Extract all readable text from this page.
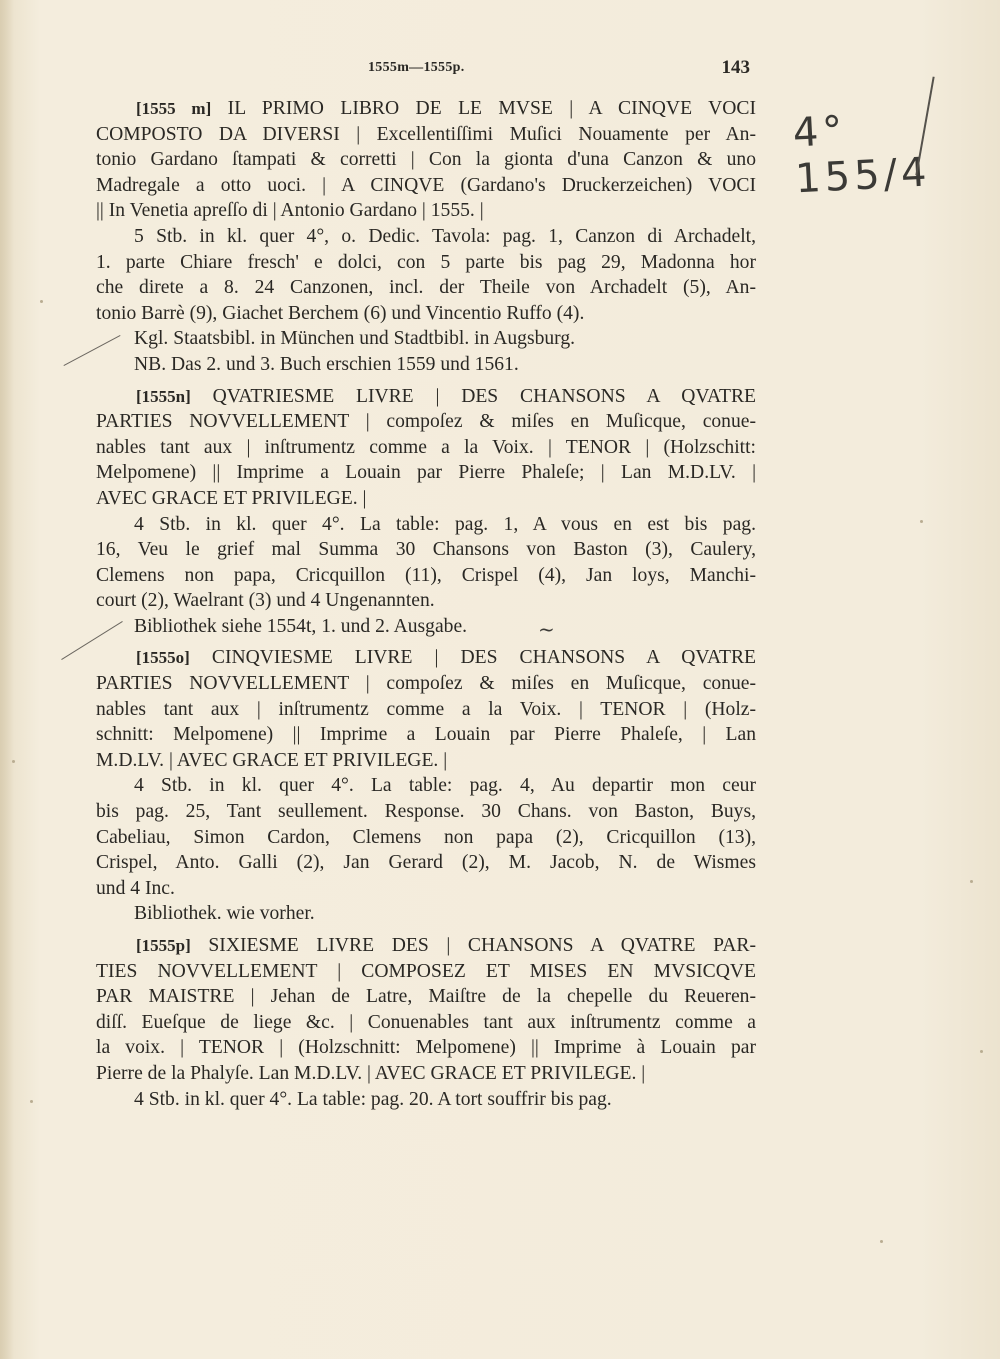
1555m—1555p.	143
4° 155/4
~
[1555 m] IL PRIMO LIBRO DE LE MVSE | A CINQVE VOCI
COMPOSTO DA DIVERSI | Excellentiſſimi Muſici Nouamente per An-
tonio Gardano ſtampati & corretti | Con la gionta d'una Canzon & uno
Madregale a otto uoci. | A CINQVE (Gardano's Druckerzeichen) VOCI
|| In Venetia apreſſo di | Antonio Gardano | 1555. |
5 Stb. in kl. quer 4°, o. Dedic. Tavola: pag. 1, Canzon di Archadelt,
1. parte Chiare fresch' e dolci, con 5 parte bis pag 29, Madonna hor
che direte a 8. 24 Canzonen, incl. der Theile von Archadelt (5), An-
tonio Barrè (9), Giachet Berchem (6) und Vincentio Ruffo (4).
Kgl. Staatsbibl. in München und Stadtbibl. in Augsburg.
NB. Das 2. und 3. Buch erschien 1559 und 1561.
[1555n] QVATRIESME LIVRE | DES CHANSONS A QVATRE
PARTIES NOVVELLEMENT | compoſez & miſes en Muſicque, conue-
nables tant aux | inſtrumentz comme a la Voix. | TENOR | (Holzschitt:
Melpomene) || Imprime a Louain par Pierre Phaleſe; | Lan M.D.LV. |
AVEC GRACE ET PRIVILEGE. |
4 Stb. in kl. quer 4°. La table: pag. 1, A vous en est bis pag.
16, Veu le grief mal Summa 30 Chansons von Baston (3), Caulery,
Clemens non papa, Cricquillon (11), Crispel (4), Jan loys, Manchi-
court (2), Waelrant (3) und 4 Ungenannten.
Bibliothek siehe 1554t, 1. und 2. Ausgabe.
[1555o] CINQVIESME LIVRE | DES CHANSONS A QVATRE
PARTIES NOVVELLEMENT | compoſez & miſes en Muſicque, conue-
nables tant aux | inſtrumentz comme a la Voix. | TENOR | (Holz-
schnitt: Melpomene) || Imprime a Louain par Pierre Phaleſe, | Lan
M.D.LV. | AVEC GRACE ET PRIVILEGE. |
4 Stb. in kl. quer 4°. La table: pag. 4, Au departir mon ceur
bis pag. 25, Tant seullement. Response. 30 Chans. von Baston, Buys,
Cabeliau, Simon Cardon, Clemens non papa (2), Cricquillon (13),
Crispel, Anto. Galli (2), Jan Gerard (2), M. Jacob, N. de Wismes
und 4 Inc.
Bibliothek. wie vorher.
[1555p] SIXIESME LIVRE DES | CHANSONS A QVATRE PAR-
TIES NOVVELLEMENT | COMPOSEZ ET MISES EN MVSICQVE
PAR MAISTRE | Jehan de Latre, Maiſtre de la chepelle du Reueren-
diſſ. Eueſque de liege &c. | Conuenables tant aux inſtrumentz comme a
la voix. | TENOR | (Holzschnitt: Melpomene) || Imprime à Louain par
Pierre de la Phalyſe. Lan M.D.LV. | AVEC GRACE ET PRIVILEGE. |
4 Stb. in kl. quer 4°. La table: pag. 20. A tort souffrir bis pag.
